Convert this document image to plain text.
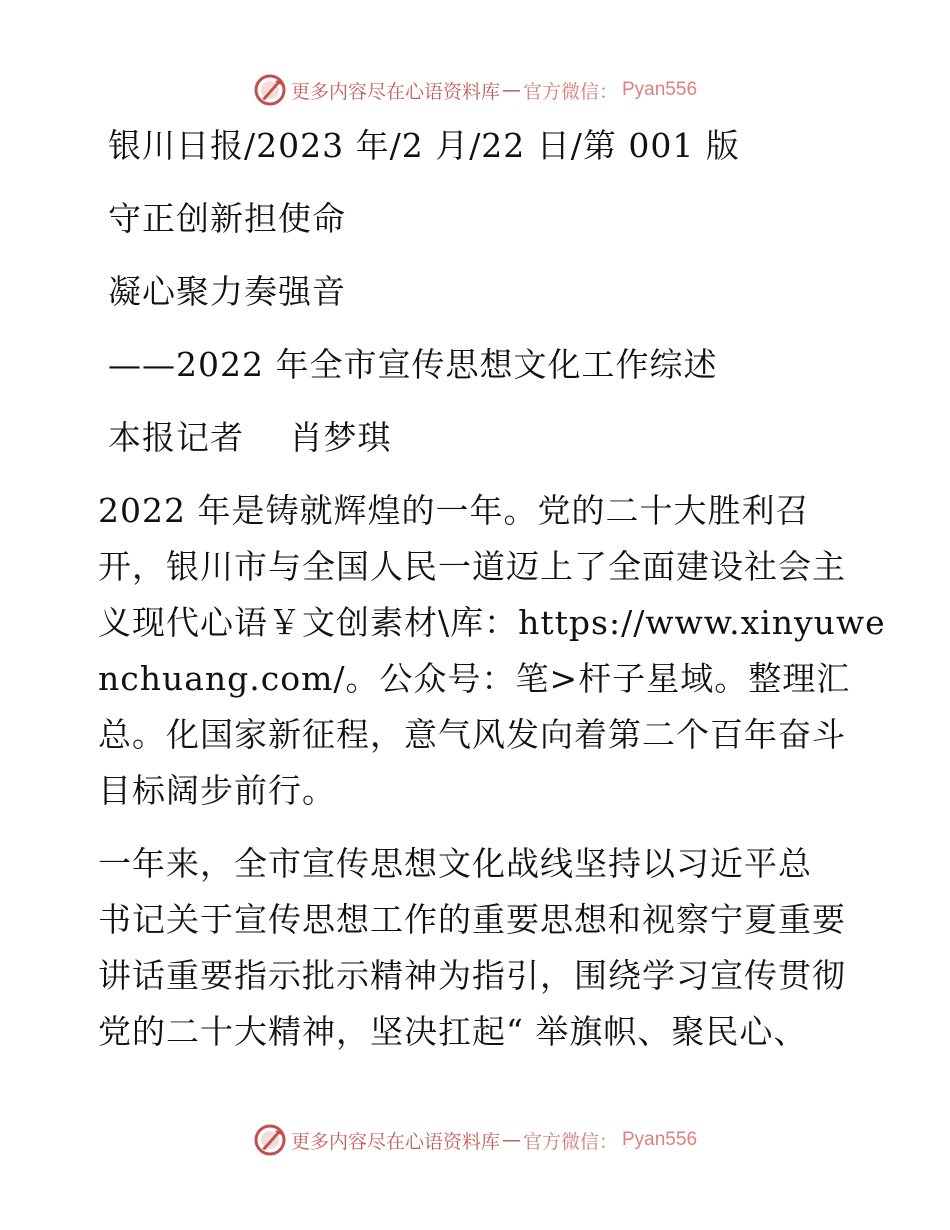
更多内容尽在心语资料库 — 官方微信： Pyan556

银川日报/2023 年/2 月/22 日/第 001 版

守正创新担使命

凝心聚力奏强音

——2022 年全市宣传思想文化工作综述

本报记者　 肖梦琪

2022 年是铸就辉煌的一年。党的二十大胜利召
开，银川市与全国人民一道迈上了全面建设社会主
义现代心语￥文创素材\库：https://www.xinyuwe
nchuang.com/。公众号：笔>杆子星域。整理汇
总。化国家新征程，意气风发向着第二个百年奋斗
目标阔步前行。
一年来，全市宣传思想文化战线坚持以习近平总
书记关于宣传思想工作的重要思想和视察宁夏重要
讲话重要指示批示精神为指引，围绕学习宣传贯彻
党的二十大精神，坚决扛起“ 举旗帜、聚民心、
更多内容尽在心语资料库 — 官方微信： Pyan556
